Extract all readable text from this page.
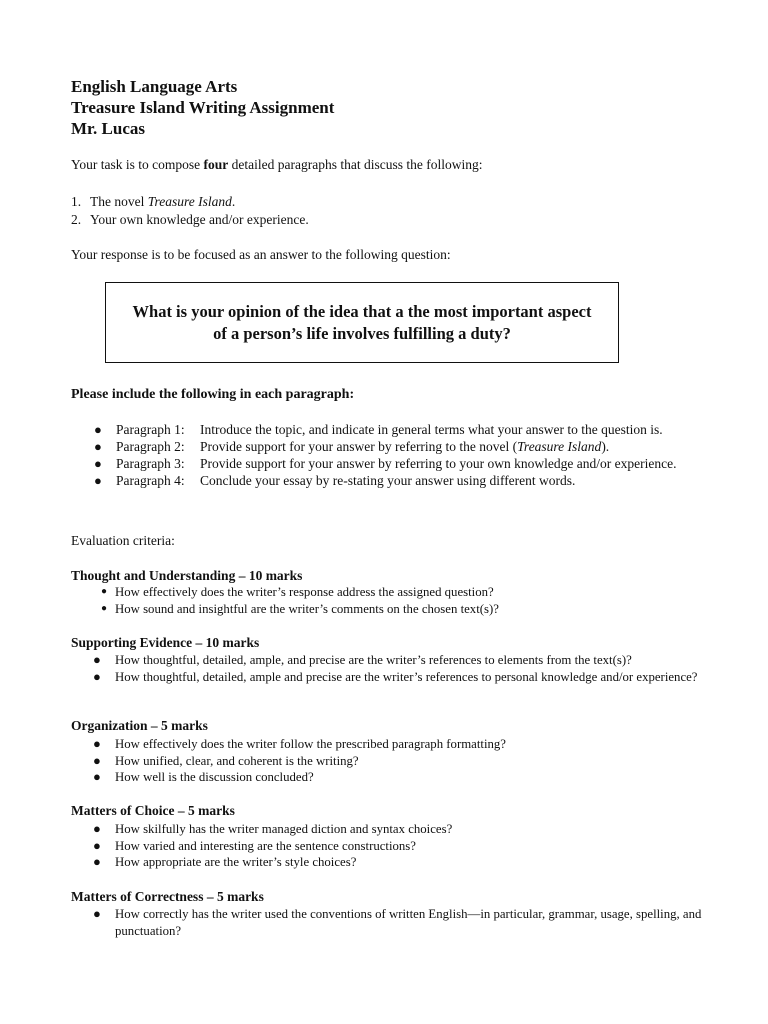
English Language Arts
Treasure Island Writing Assignment
Mr. Lucas
Your task is to compose four detailed paragraphs that discuss the following:
1. The novel Treasure Island.
2. Your own knowledge and/or experience.
Your response is to be focused as an answer to the following question:
What is your opinion of the idea that a the most important aspect
of a person’s life involves fulfilling a duty?
Please include the following in each paragraph:
● Paragraph 1: Introduce the topic, and indicate in general terms what your answer to the question is.
● Paragraph 2: Provide support for your answer by referring to the novel (Treasure Island).
● Paragraph 3: Provide support for your answer by referring to your own knowledge and/or experience.
● Paragraph 4: Conclude your essay by re-stating your answer using different words.
Evaluation criteria:
Thought and Understanding – 10 marks
● How effectively does the writer’s response address the assigned question?
● How sound and insightful are the writer’s comments on the chosen text(s)?
Supporting Evidence – 10 marks
● How thoughtful, detailed, ample, and precise are the writer’s references to elements from the text(s)?
● How thoughtful, detailed, ample and precise are the writer’s references to personal knowledge and/or experience?
Organization – 5 marks
● How effectively does the writer follow the prescribed paragraph formatting?
● How unified, clear, and coherent is the writing?
● How well is the discussion concluded?
Matters of Choice – 5 marks
● How skilfully has the writer managed diction and syntax choices?
● How varied and interesting are the sentence constructions?
● How appropriate are the writer’s style choices?
Matters of Correctness – 5 marks
● How correctly has the writer used the conventions of written English—in particular, grammar, usage, spelling, and punctuation?
